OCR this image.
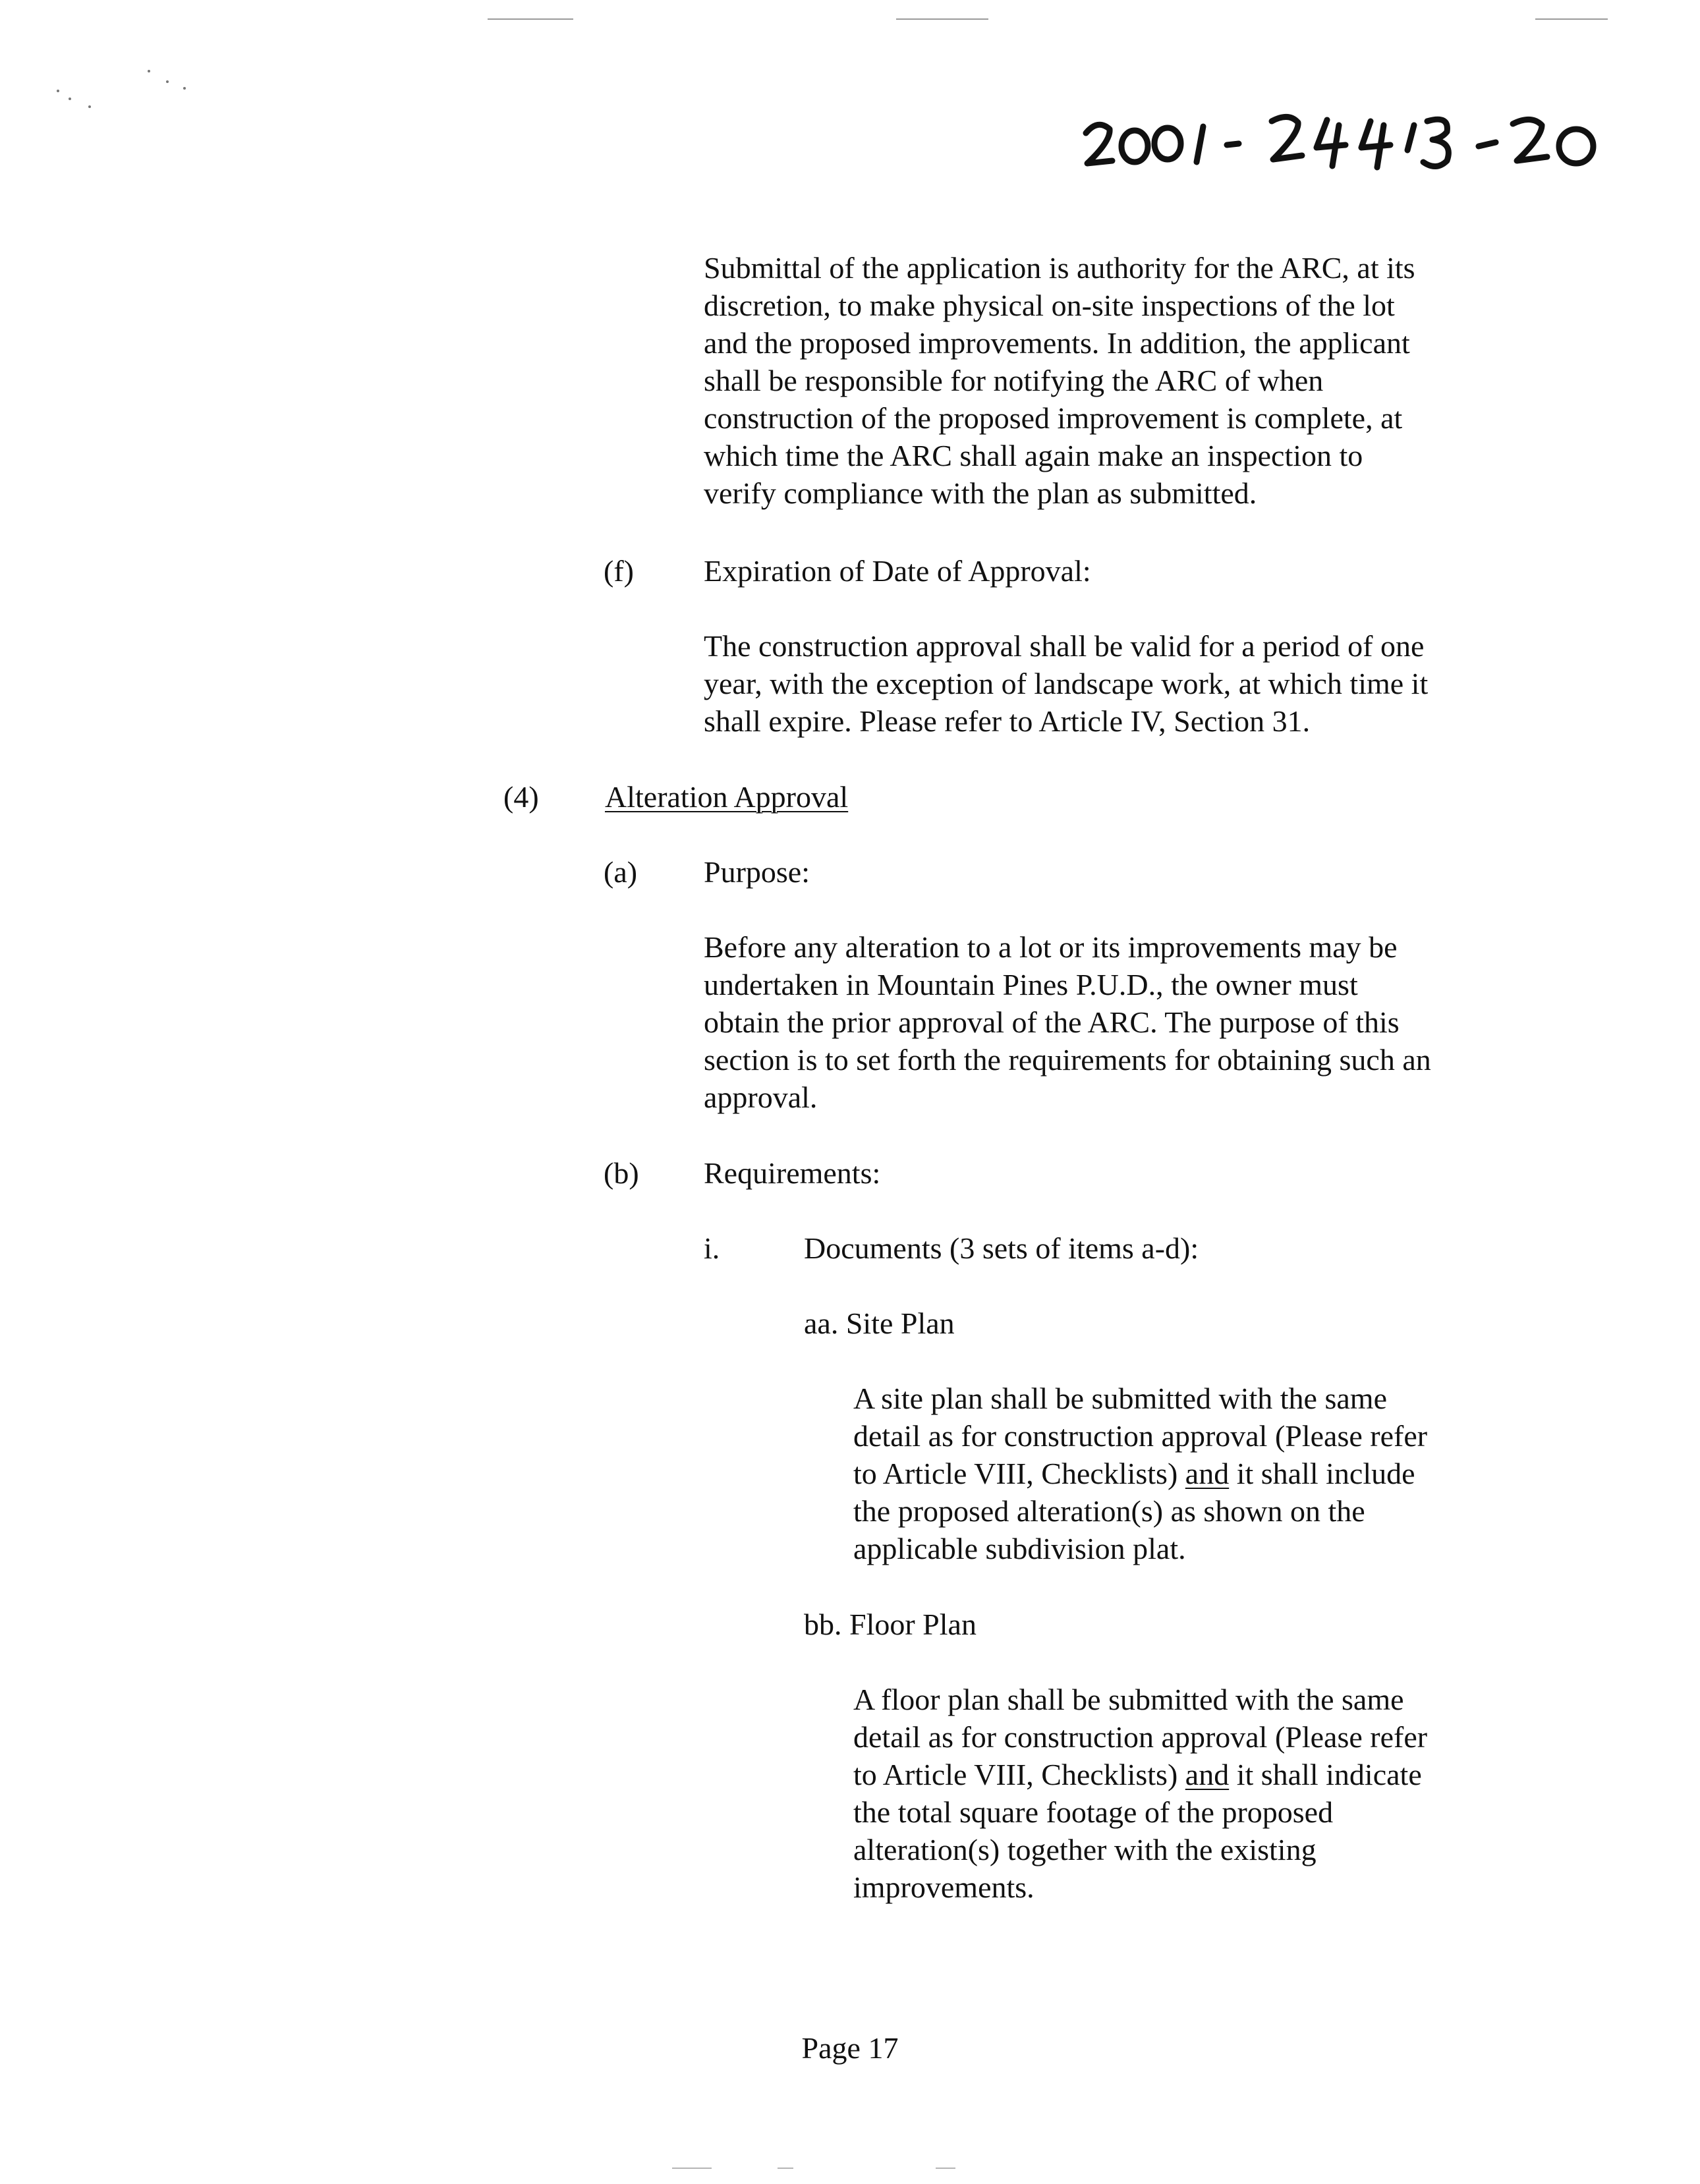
Submittal of the application is authority for the ARC, at its

discretion, to make physical on-site inspections of the lot

and the proposed improvements. In addition, the applicant

shall be responsible for notifying the ARC of when

construction of the proposed improvement is complete, at

which time the ARC shall again make an inspection to

verify compliance with the plan as submitted.

(f) Expiration of Date of Approval:

The construction approval shall be valid for a period of one

year, with the exception of landscape work, at which time it

shall expire. Please refer to Article IV, Section 31.

(4) Alteration Approval
(a) Purpose:

Before any alteration to a lot or its improvements may be

undertaken in Mountain Pines P.U.D., the owner must

obtain the prior approval of the ARC. The purpose of this

section is to set forth the requirements for obtaining such an

approval.

(b) Requirements:
i.	Documents (3 sets of items a-d):
aa. Site Plan

A site plan shall be submitted with the same

detail as for construction approval (Please refer

to Article VIII, Checklists) and it shall include

the proposed alteration(s) as shown on the

applicable subdivision plat.

bb. Floor Plan

A floor plan shall be submitted with the same

detail as for construction approval (Please refer

to Article VIII, Checklists) and it shall indicate

the total square footage of the proposed

alteration(s) together with the existing

improvements.

Page 17
